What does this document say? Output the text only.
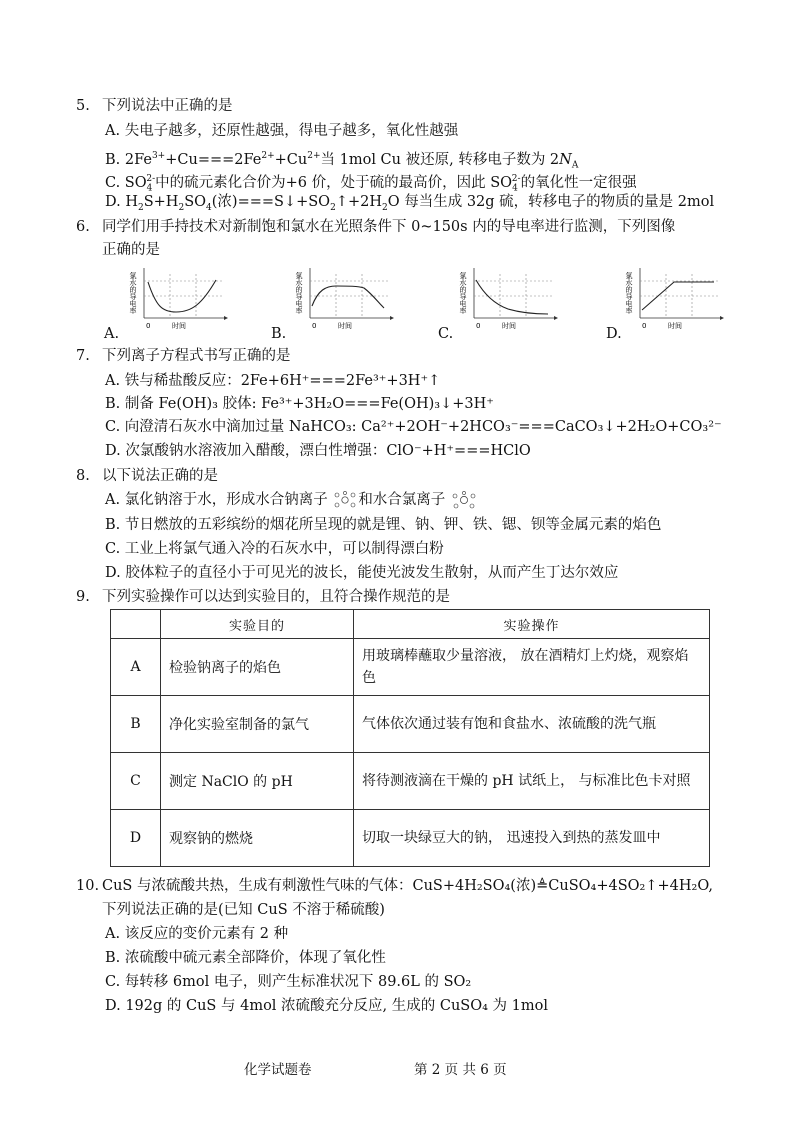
5. 下列说法中正确的是
A. 失电子越多，还原性越强，得电子越多，氧化性越强
B. $2Fe^{3+}+Cu===2Fe^{2+}+Cu^{2+}$当 1mol Cu 被还原, 转移电子数为 $2N_A$
C. $SO_4^{2-}$中的硫元素化合价为+6 价，处于硫的最高价，因此 $SO_4^{2-}$的氧化性一定很强
D. $H_2S+H_2SO_4$(浓)$===S↓+SO_2↑+2H_2O$ 每当生成 32g 硫，转移电子的物质的量是 2mol
6. 同学们用手持技术对新制饱和氯水在光照条件下 0~150s 内的导电率进行监测，下列图像
正确的是
氯水的导电率
0	时间
A.
氯水的导电率
0	时间
B.
氯水的导电率
0	时间
C.
氯水的导电率
0	时间
D.
7. 下列离子方程式书写正确的是
A. 铁与稀盐酸反应：2Fe+6H⁺===2Fe³⁺+3H⁺↑
B. 制备 Fe(OH)₃ 胶体: Fe³⁺+3H₂O===Fe(OH)₃↓+3H⁺
C. 向澄清石灰水中滴加过量 NaHCO₃: Ca²⁺+2OH⁻+2HCO₃⁻===CaCO₃↓+2H₂O+CO₃²⁻
D. 次氯酸钠水溶液加入醋酸，漂白性增强：ClO⁻+H⁺===HClO
8. 以下说法正确的是
A. 氯化钠溶于水，形成水合钠离子 和水合氯离子
B. 节日燃放的五彩缤纷的烟花所呈现的就是锂、钠、钾、铁、锶、钡等金属元素的焰色
C. 工业上将氯气通入冷的石灰水中，可以制得漂白粉
D. 胶体粒子的直径小于可见光的波长，能使光波发生散射，从而产生丁达尔效应
9. 下列实验操作可以达到实验目的，且符合操作规范的是
	实验目的	实验操作
A	检验钠离子的焰色	用玻璃棒蘸取少量溶液， 放在酒精灯上灼烧，观察焰色
B	净化实验室制备的氯气	气体依次通过装有饱和食盐水、浓硫酸的洗气瓶
C	测定 NaClO 的 pH	将待测液滴在干燥的 pH 试纸上， 与标准比色卡对照
D	观察钠的燃烧	切取一块绿豆大的钠， 迅速投入到热的蒸发皿中
10. CuS 与浓硫酸共热，生成有刺激性气味的气体：CuS+4H₂SO₄(浓)≜CuSO₄+4SO₂↑+4H₂O,
下列说法正确的是(已知 CuS 不溶于稀硫酸)
A. 该反应的变价元素有 2 种
B. 浓硫酸中硫元素全部降价，体现了氧化性
C. 每转移 6mol 电子，则产生标准状况下 89.6L 的 SO₂
D. 192g 的 CuS 与 4mol 浓硫酸充分反应, 生成的 CuSO₄ 为 1mol
化学试题卷	第 2 页 共 6 页
